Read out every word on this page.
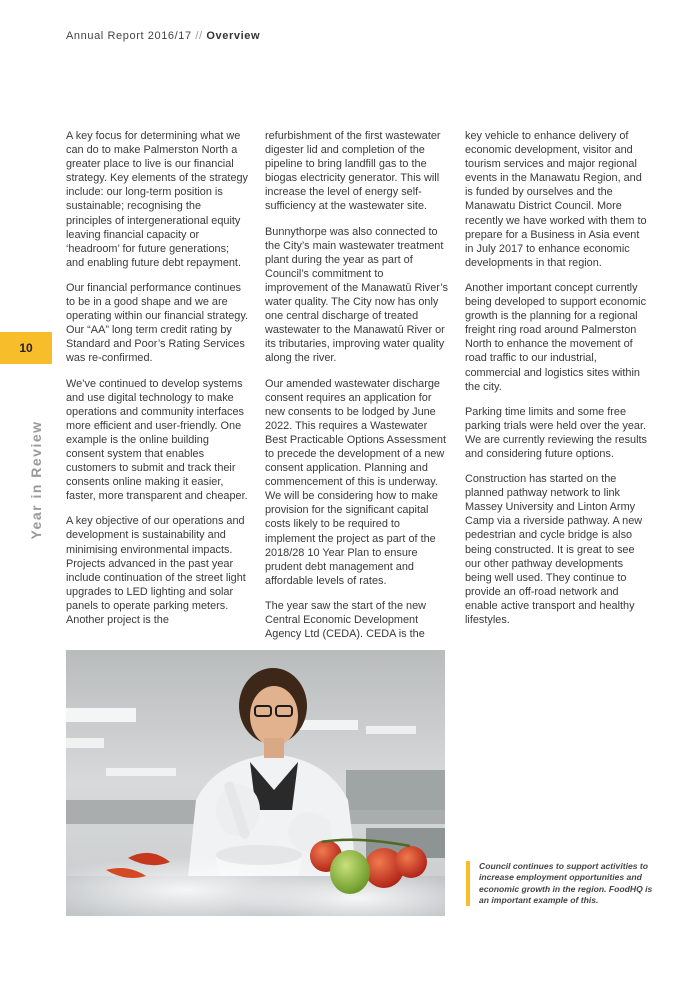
Annual Report 2016/17 // Overview
10
Year in Review

A key focus for determining what we can do to make Palmerston North a greater place to live is our financial strategy. Key elements of the strategy include: our long-term position is sustainable; recognising the principles of intergenerational equity leaving financial capacity or ‘headroom’ for future generations; and enabling future debt repayment.

Our financial performance continues to be in a good shape and we are operating within our financial strategy. Our “AA” long term credit rating by Standard and Poor’s Rating Services was re-confirmed.

We’ve continued to develop systems and use digital technology to make operations and community interfaces more efficient and user-friendly. One example is the online building consent system that enables customers to submit and track their consents online making it easier, faster, more transparent and cheaper.

A key objective of our operations and development is sustainability and minimising environmental impacts. Projects advanced in the past year include continuation of the street light upgrades to LED lighting and solar panels to operate parking meters. Another project is the

refurbishment of the first wastewater digester lid and completion of the pipeline to bring landfill gas to the biogas electricity generator. This will increase the level of energy self-sufficiency at the wastewater site.

Bunnythorpe was also connected to the City’s main wastewater treatment plant during the year as part of Council’s commitment to improvement of the Manawatū River’s water quality. The City now has only one central discharge of treated wastewater to the Manawatū River or its tributaries, improving water quality along the river.

Our amended wastewater discharge consent requires an application for new consents to be lodged by June 2022. This requires a Wastewater Best Practicable Options Assessment to precede the development of a new consent application. Planning and commencement of this is underway. We will be considering how to make provision for the significant capital costs likely to be required to implement the project as part of the 2018/28 10 Year Plan to ensure prudent debt management and affordable levels of rates.

The year saw the start of the new Central Economic Development Agency Ltd (CEDA). CEDA is the

key vehicle to enhance delivery of economic development, visitor and tourism services and major regional events in the Manawatu Region, and is funded by ourselves and the Manawatu District Council. More recently we have worked with them to prepare for a Business in Asia event in July 2017 to enhance economic developments in that region.

Another important concept currently being developed to support economic growth is the planning for a regional freight ring road around Palmerston North to enhance the movement of road traffic to our industrial, commercial and logistics sites within the city.

Parking time limits and some free parking trials were held over the year. We are currently reviewing the results and considering future options.

Construction has started on the planned pathway network to link Massey University and Linton Army Camp via a riverside pathway. A new pedestrian and cycle bridge is also being constructed. It is great to see our other pathway developments being well used. They continue to provide an off-road network and enable active transport and healthy lifestyles.

Council continues to support activities to increase employment opportunities and economic growth in the region. FoodHQ is an important example of this.
